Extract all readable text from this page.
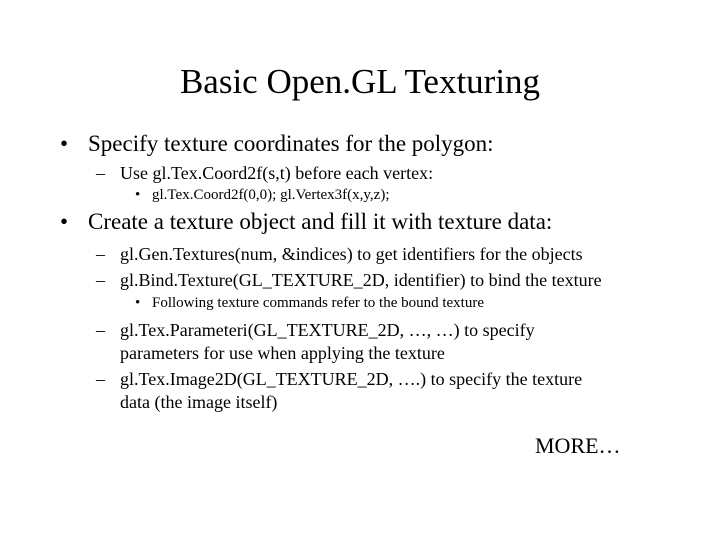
Basic Open.GL Texturing
• Specify texture coordinates for the polygon:
– Use gl.Tex.Coord2f(s,t) before each vertex:
• gl.Tex.Coord2f(0,0); gl.Vertex3f(x,y,z);
• Create a texture object and fill it with texture data:
– gl.Gen.Textures(num, &indices) to get identifiers for the objects
– gl.Bind.Texture(GL_TEXTURE_2D, identifier) to bind the texture
• Following texture commands refer to the bound texture
– gl.Tex.Parameteri(GL_TEXTURE_2D, …, …) to specify
parameters for use when applying the texture
– gl.Tex.Image2D(GL_TEXTURE_2D, ….) to specify the texture
data (the image itself)
MORE…
